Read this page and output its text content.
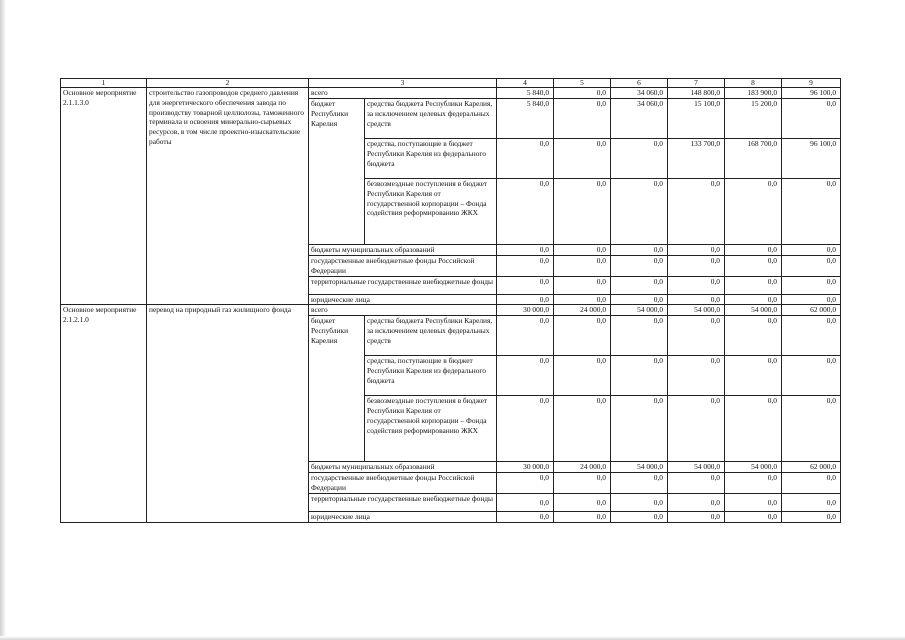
1	2	3		4	5	6	7	8	9
Основное мероприятие 2.1.1.3.0	строительство газопроводов среднего давления для энергетического обеспечения завода по производству товарной целлюлозы, таможенного терминала и освоения минерально-сырьевых ресурсов, в том числе проектно-изыскательские работы	всего		5 840,0	0,0	34 060,0	148 800,0	183 900,0	96 100,0
		бюджет Республики Карелия	средства бюджета Республики Карелия, за исключением целевых федеральных средств	5 840,0	0,0	34 060,0	15 100,0	15 200,0	0,0
			средства, поступающие в бюджет Республики Карелия из федерального бюджета	0,0	0,0	0,0	133 700,0	168 700,0	96 100,0
			безвозмездные поступления в бюджет Республики Карелия от государственной корпорации – Фонда содействия реформированию ЖКХ	0,0	0,0	0,0	0,0	0,0	0,0
		бюджеты муниципальных образований		0,0	0,0	0,0	0,0	0,0	0,0
		государственные внебюджетные фонды Российской Федерации		0,0	0,0	0,0	0,0	0,0	0,0
		территориальные государственные внебюджетные фонды		0,0	0,0	0,0	0,0	0,0	0,0
		юридические лица		0,0	0,0	0,0	0,0	0,0	0,0
Основное мероприятие 2.1.2.1.0	перевод на природный газ жилищного фонда	всего		30 000,0	24 000,0	54 000,0	54 000,0	54 000,0	62 000,0
		бюджет Республики Карелия	средства бюджета Республики Карелия, за исключением целевых федеральных средств	0,0	0,0	0,0	0,0	0,0	0,0
			средства, поступающие в бюджет Республики Карелия из федерального бюджета	0,0	0,0	0,0	0,0	0,0	0,0
			безвозмездные поступления в бюджет Республики Карелия от государственной корпорации – Фонда содействия реформированию ЖКХ	0,0	0,0	0,0	0,0	0,0	0,0
		бюджеты муниципальных образований		30 000,0	24 000,0	54 000,0	54 000,0	54 000,0	62 000,0
		государственные внебюджетные фонды Российской Федерации		0,0	0,0	0,0	0,0	0,0	0,0
		территориальные государственные внебюджетные фонды		0,0	0,0	0,0	0,0	0,0	0,0
		юридические лица		0,0	0,0	0,0	0,0	0,0	0,0
